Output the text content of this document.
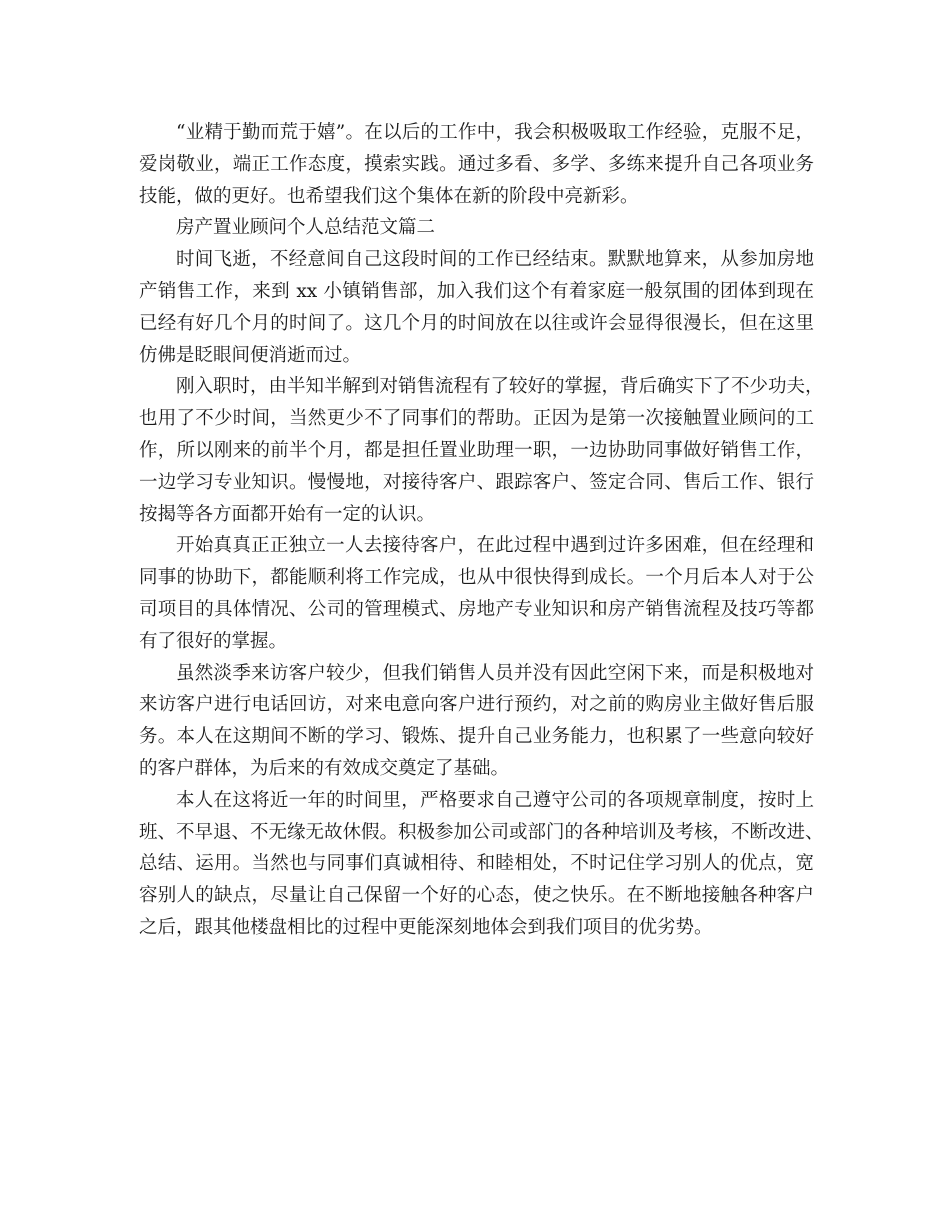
“业精于勤而荒于嬉”。在以后的工作中，我会积极吸取工作经验，克服不足，
爱岗敬业，端正工作态度，摸索实践。通过多看、多学、多练来提升自己各项业务
技能，做的更好。也希望我们这个集体在新的阶段中亮新彩。
房产置业顾问个人总结范文篇二
时间飞逝，不经意间自己这段时间的工作已经结束。默默地算来，从参加房地
产销售工作，来到 xx 小镇销售部，加入我们这个有着家庭一般氛围的团体到现在
已经有好几个月的时间了。这几个月的时间放在以往或许会显得很漫长，但在这里
仿佛是眨眼间便消逝而过。
刚入职时，由半知半解到对销售流程有了较好的掌握，背后确实下了不少功夫，
也用了不少时间，当然更少不了同事们的帮助。正因为是第一次接触置业顾问的工
作，所以刚来的前半个月，都是担任置业助理一职，一边协助同事做好销售工作，
一边学习专业知识。慢慢地，对接待客户、跟踪客户、签定合同、售后工作、银行
按揭等各方面都开始有一定的认识。
开始真真正正独立一人去接待客户，在此过程中遇到过许多困难，但在经理和
同事的协助下，都能顺利将工作完成，也从中很快得到成长。一个月后本人对于公
司项目的具体情况、公司的管理模式、房地产专业知识和房产销售流程及技巧等都
有了很好的掌握。
虽然淡季来访客户较少，但我们销售人员并没有因此空闲下来，而是积极地对
来访客户进行电话回访，对来电意向客户进行预约，对之前的购房业主做好售后服
务。本人在这期间不断的学习、锻炼、提升自己业务能力，也积累了一些意向较好
的客户群体，为后来的有效成交奠定了基础。
本人在这将近一年的时间里，严格要求自己遵守公司的各项规章制度，按时上
班、不早退、不无缘无故休假。积极参加公司或部门的各种培训及考核，不断改进、
总结、运用。当然也与同事们真诚相待、和睦相处，不时记住学习别人的优点，宽
容别人的缺点，尽量让自己保留一个好的心态，使之快乐。在不断地接触各种客户
之后，跟其他楼盘相比的过程中更能深刻地体会到我们项目的优劣势。
